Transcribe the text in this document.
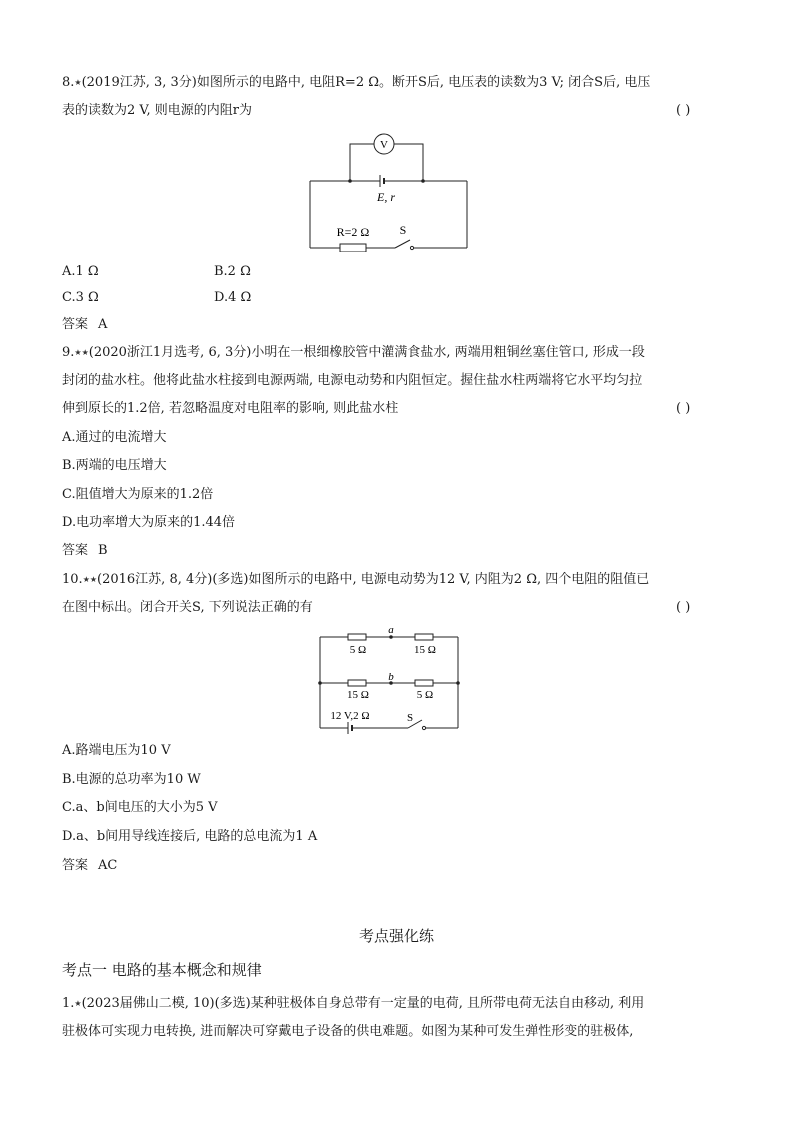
8.★(2019江苏, 3, 3分)如图所示的电路中, 电阻R=2 Ω。断开S后, 电压表的读数为3 V; 闭合S后, 电压
表的读数为2 V, 则电源的内阻r为	( )
V
E, r
R=2 Ω	S
A.1 Ω	B.2 Ω
C.3 Ω	D.4 Ω
答案 A
9.★★(2020浙江1月选考, 6, 3分)小明在一根细橡胶管中灌满食盐水, 两端用粗铜丝塞住管口, 形成一段
封闭的盐水柱。他将此盐水柱接到电源两端, 电源电动势和内阻恒定。握住盐水柱两端将它水平均匀拉
伸到原长的1.2倍, 若忽略温度对电阻率的影响, 则此盐水柱	( )
A.通过的电流增大
B.两端的电压增大
C.阻值增大为原来的1.2倍
D.电功率增大为原来的1.44倍
答案 B
10.★★(2016江苏, 8, 4分)(多选)如图所示的电路中, 电源电动势为12 V, 内阻为2 Ω, 四个电阻的阻值已
在图中标出。闭合开关S, 下列说法正确的有	( )
a
b
5 Ω	15 Ω
15 Ω	5 Ω
12 V,2 Ω	S
A.路端电压为10 V
B.电源的总功率为10 W
C.a、b间电压的大小为5 V
D.a、b间用导线连接后, 电路的总电流为1 A
答案 AC
考点强化练
考点一 电路的基本概念和规律
1.★(2023届佛山二模, 10)(多选)某种驻极体自身总带有一定量的电荷, 且所带电荷无法自由移动, 利用
驻极体可实现力电转换, 进而解决可穿戴电子设备的供电难题。如图为某种可发生弹性形变的驻极体,
